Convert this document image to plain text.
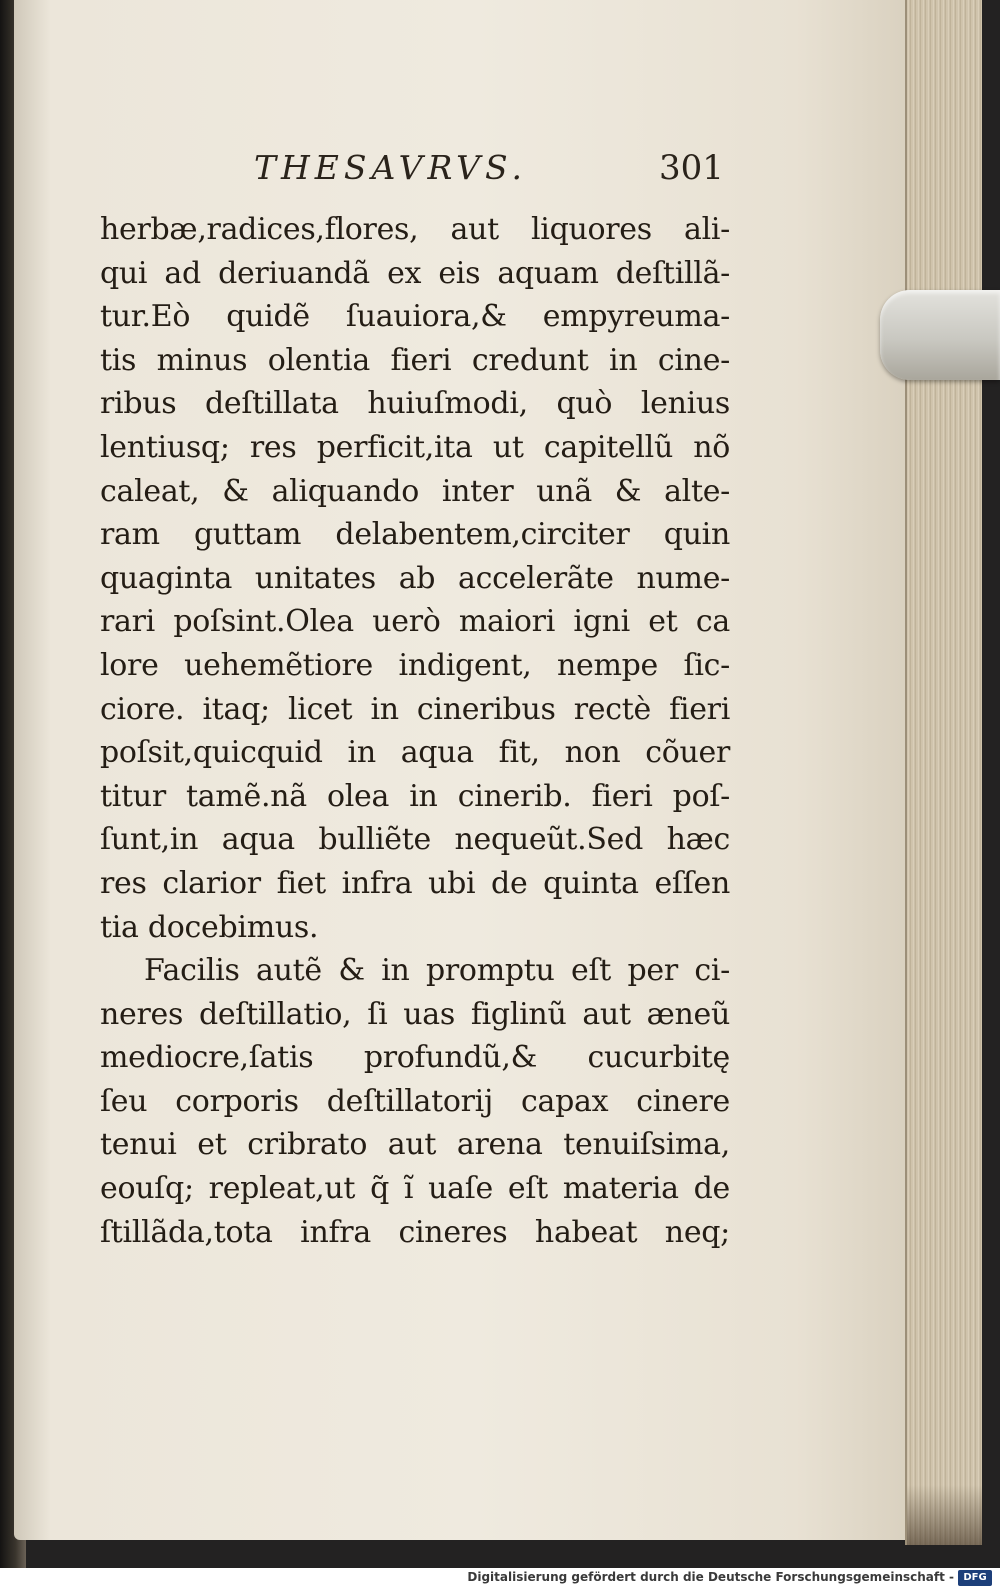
THESAVRVS.	301
herbæ,radices,flores, aut liquores ali-
qui ad deriuandã ex eis aquam deſtillã-
tur.Eò quidẽ ſuauiora,& empyreuma-
tis minus olentia fieri credunt in cine-
ribus deſtillata huiuſmodi, quò lenius
lentiusq; res perficit,ita ut capitellũ nõ
caleat, & aliquando inter unã & alte-
ram guttam delabentem,circiter quin
quaginta unitates ab accelerãte nume-
rari poſsint.Olea uerò maiori igni et ca
lore uehemẽtiore indigent, nempe ſic-
ciore. itaq; licet in cineribus rectè fieri
poſsit,quicquid in aqua fit, non cõuer
titur tamẽ.nã olea in cinerib. fieri poſ-
ſunt,in aqua bulliẽte nequeũt.Sed hæc
res clarior fiet infra ubi de quinta eſſen
tia docebimus.
Facilis autẽ & in promptu eſt per ci-
neres deſtillatio, ſi uas figlinũ aut æneũ
mediocre,ſatis profundũ,& cucurbitę
ſeu corporis deſtillatorij capax cinere
tenui et cribrato aut arena tenuiſsima,
eouſq; repleat,ut q̃ ĩ uaſe eſt materia de
ſtillãda,tota infra cineres habeat neq;
Digitalisierung gefördert durch die Deutsche Forschungsgemeinschaft - DFG
